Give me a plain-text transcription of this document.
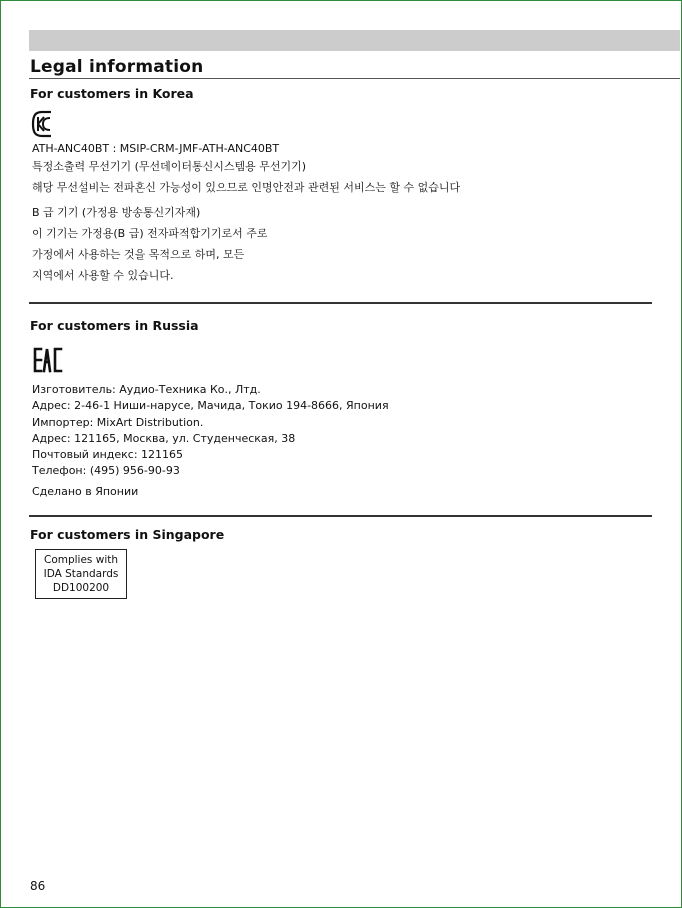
Legal information
For customers in Korea

ATH-ANC40BT : MSIP-CRM-JMF-ATH-ANC40BT

특정소출력 무선기기 (무선데이터통신시스템용 무선기기)

해당 무선설비는 전파혼신 가능성이 있으므로 인명안전과 관련된 서비스는 할 수 없습니다

B 급 기기 (가정용 방송통신기자재)

이 기기는 가정용(B 급) 전자파적합기기로서 주로

가정에서 사용하는 것을 목적으로 하며, 모든

지역에서 사용할 수 있습니다.

For customers in Russia
Изготовитель: Аудио-Техника Ко., Лтд.
Адрес: 2-46-1 Ниши-нарусе, Мачида, Токио 194-8666, Япония
Импортер: MixArt Distribution.
Адрес: 121165, Москва, ул. Студенческая, 38
Почтовый индекс: 121165
Телефон: (495) 956-90-93

Сделано в Японии

For customers in Singapore
Complies with
IDA Standards
DD100200
86
